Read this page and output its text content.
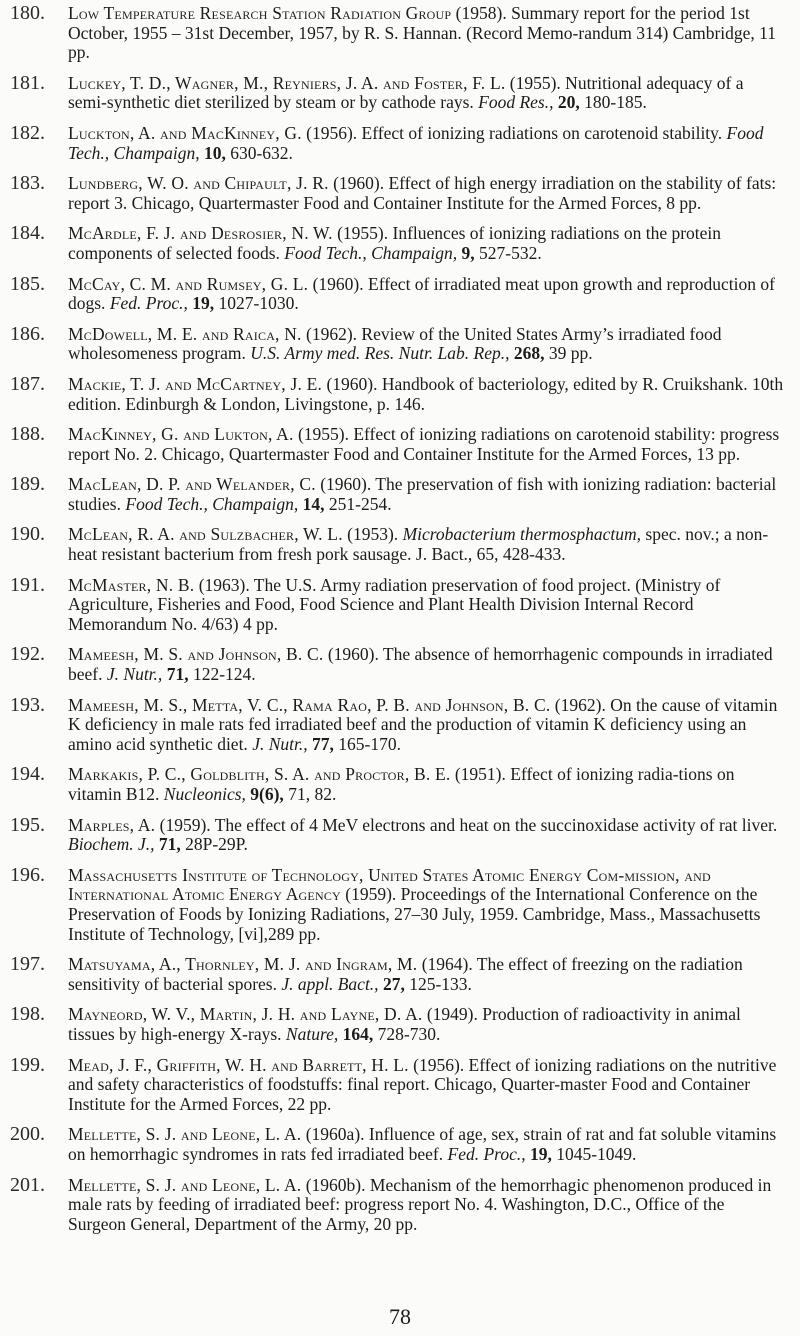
180. Low Temperature Research Station Radiation Group (1958). Summary report for the period 1st October, 1955 – 31st December, 1957, by R. S. Hannan. (Record Memo-randum 314) Cambridge, 11 pp.
181. Luckey, T. D., Wagner, M., Reyniers, J. A. and Foster, F. L. (1955). Nutritional adequacy of a semi-synthetic diet sterilized by steam or by cathode rays. Food Res., 20, 180-185.
182. Luckton, A. and MacKinney, G. (1956). Effect of ionizing radiations on carotenoid stability. Food Tech., Champaign, 10, 630-632.
183. Lundberg, W. O. and Chipault, J. R. (1960). Effect of high energy irradiation on the stability of fats: report 3. Chicago, Quartermaster Food and Container Institute for the Armed Forces, 8 pp.
184. McArdle, F. J. and Desrosier, N. W. (1955). Influences of ionizing radiations on the protein components of selected foods. Food Tech., Champaign, 9, 527-532.
185. McCay, C. M. and Rumsey, G. L. (1960). Effect of irradiated meat upon growth and reproduction of dogs. Fed. Proc., 19, 1027-1030.
186. McDowell, M. E. and Raica, N. (1962). Review of the United States Army’s irradiated food wholesomeness program. U.S. Army med. Res. Nutr. Lab. Rep., 268, 39 pp.
187. Mackie, T. J. and McCartney, J. E. (1960). Handbook of bacteriology, edited by R. Cruikshank. 10th edition. Edinburgh & London, Livingstone, p. 146.
188. MacKinney, G. and Lukton, A. (1955). Effect of ionizing radiations on carotenoid stability: progress report No. 2. Chicago, Quartermaster Food and Container Institute for the Armed Forces, 13 pp.
189. MacLean, D. P. and Welander, C. (1960). The preservation of fish with ionizing radiation: bacterial studies. Food Tech., Champaign, 14, 251-254.
190. McLean, R. A. and Sulzbacher, W. L. (1953). Microbacterium thermosphactum, spec. nov.; a non-heat resistant bacterium from fresh pork sausage. J. Bact., 65, 428-433.
191. McMaster, N. B. (1963). The U.S. Army radiation preservation of food project. (Ministry of Agriculture, Fisheries and Food, Food Science and Plant Health Division Internal Record Memorandum No. 4/63) 4 pp.
192. Mameesh, M. S. and Johnson, B. C. (1960). The absence of hemorrhagenic compounds in irradiated beef. J. Nutr., 71, 122-124.
193. Mameesh, M. S., Metta, V. C., Rama Rao, P. B. and Johnson, B. C. (1962). On the cause of vitamin K deficiency in male rats fed irradiated beef and the production of vitamin K deficiency using an amino acid synthetic diet. J. Nutr., 77, 165-170.
194. Markakis, P. C., Goldblith, S. A. and Proctor, B. E. (1951). Effect of ionizing radia-tions on vitamin B12. Nucleonics, 9(6), 71, 82.
195. Marples, A. (1959). The effect of 4 MeV electrons and heat on the succinoxidase activity of rat liver. Biochem. J., 71, 28P-29P.
196. Massachusetts Institute of Technology, United States Atomic Energy Com-mission, and International Atomic Energy Agency (1959). Proceedings of the International Conference on the Preservation of Foods by Ionizing Radiations, 27–30 July, 1959. Cambridge, Mass., Massachusetts Institute of Technology, [vi],289 pp.
197. Matsuyama, A., Thornley, M. J. and Ingram, M. (1964). The effect of freezing on the radiation sensitivity of bacterial spores. J. appl. Bact., 27, 125-133.
198. Mayneord, W. V., Martin, J. H. and Layne, D. A. (1949). Production of radioactivity in animal tissues by high-energy X-rays. Nature, 164, 728-730.
199. Mead, J. F., Griffith, W. H. and Barrett, H. L. (1956). Effect of ionizing radiations on the nutritive and safety characteristics of foodstuffs: final report. Chicago, Quarter-master Food and Container Institute for the Armed Forces, 22 pp.
200. Mellette, S. J. and Leone, L. A. (1960a). Influence of age, sex, strain of rat and fat soluble vitamins on hemorrhagic syndromes in rats fed irradiated beef. Fed. Proc., 19, 1045-1049.
201. Mellette, S. J. and Leone, L. A. (1960b). Mechanism of the hemorrhagic phenomenon produced in male rats by feeding of irradiated beef: progress report No. 4. Washington, D.C., Office of the Surgeon General, Department of the Army, 20 pp.
78
